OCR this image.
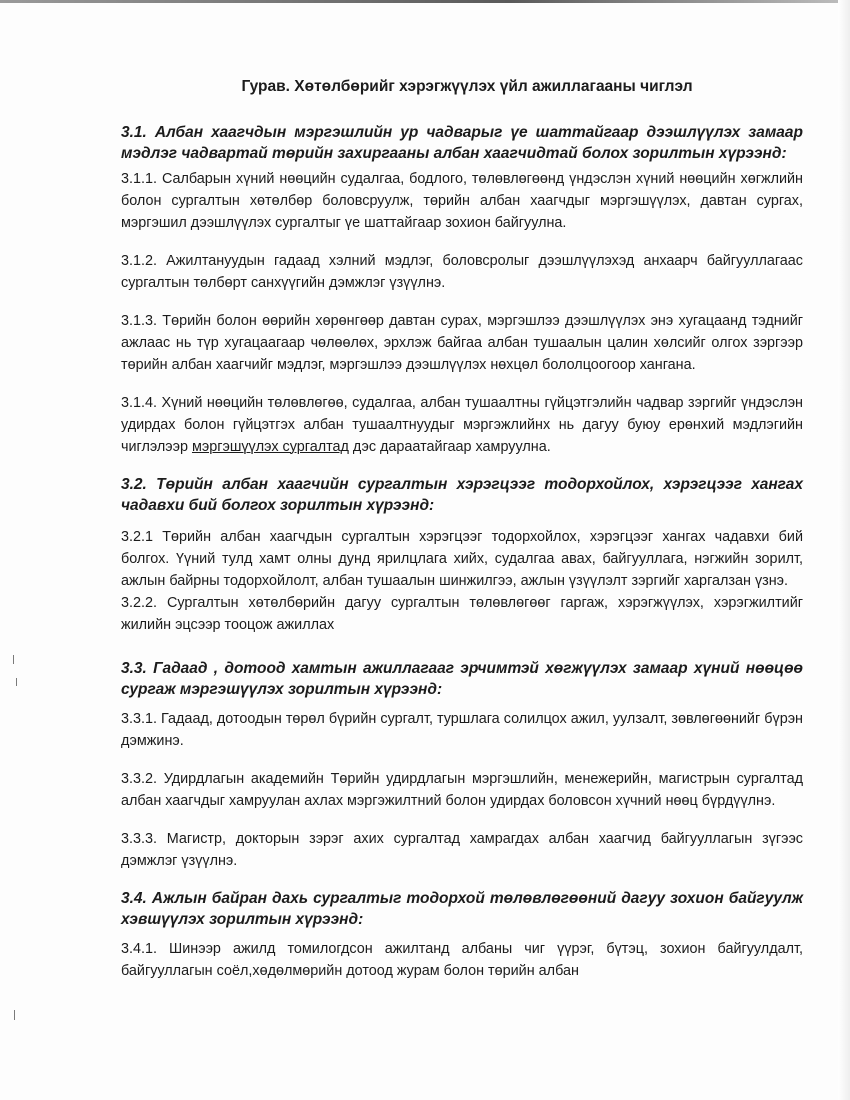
Гурав. Хөтөлбөрийг хэрэгжүүлэх үйл ажиллагааны чиглэл
3.1. Албан хаагчдын мэргэшлийн ур чадварыг үе шаттайгаар дээшлүүлэх замаар мэдлэг чадвартай төрийн захиргааны албан хаагчидтай болох зорилтын хүрээнд:

3.1.1. Салбарын хүний нөөцийн судалгаа, бодлого, төлөвлөгөөнд үндэслэн хүний нөөцийн хөгжлийн болон сургалтын хөтөлбөр боловсруулж, төрийн албан хаагчдыг мэргэшүүлэх, давтан сургах, мэргэшил дээшлүүлэх сургалтыг үе шаттайгаар зохион байгуулна.

3.1.2. Ажилтануудын гадаад хэлний мэдлэг, боловсролыг дээшлүүлэхэд анхаарч байгууллагаас сургалтын төлбөрт санхүүгийн дэмжлэг үзүүлнэ.

3.1.3. Төрийн болон өөрийн хөрөнгөөр давтан сурах, мэргэшлээ дээшлүүлэх энэ хугацаанд тэднийг ажлаас нь түр хугацаагаар чөлөөлөх, эрхлэж байгаа албан тушаалын цалин хөлсийг олгох зэргээр төрийн албан хаагчийг мэдлэг, мэргэшлээ дээшлүүлэх нөхцөл бололцоогоор хангана.

3.1.4. Хүний нөөцийн төлөвлөгөө, судалгаа, албан тушаалтны гүйцэтгэлийн чадвар зэргийг үндэслэн удирдах болон гүйцэтгэх албан тушаалтнуудыг мэргэжлийнх нь дагуу буюу ерөнхий мэдлэгийн чиглэлээр мэргэшүүлэх сургалтад дэс дараатайгаар хамруулна.

3.2. Төрийн албан хаагчийн сургалтын хэрэгцээг тодорхойлох, хэрэгцээг хангах чадавхи бий болгох зорилтын хүрээнд:

3.2.1 Төрийн албан хаагчдын сургалтын хэрэгцээг тодорхойлох, хэрэгцээг хангах чадавхи бий болгох. Үүний тулд хамт олны дунд ярилцлага хийх, судалгаа авах, байгууллага, нэгжийн зорилт, ажлын байрны тодорхойлолт, албан тушаалын шинжилгээ, ажлын үзүүлэлт зэргийг харгалзан үзнэ.

3.2.2. Сургалтын хөтөлбөрийн дагуу сургалтын төлөвлөгөөг гаргаж, хэрэгжүүлэх, хэрэгжилтийг жилийн эцсээр тооцож ажиллах

3.3. Гадаад , дотоод хамтын ажиллагааг эрчимтэй хөгжүүлэх замаар хүний нөөцөө сургаж мэргэшүүлэх зорилтын хүрээнд:

3.3.1. Гадаад, дотоодын төрөл бүрийн сургалт, туршлага солилцох ажил, уулзалт, зөвлөгөөнийг бүрэн дэмжинэ.

3.3.2. Удирдлагын академийн Төрийн удирдлагын мэргэшлийн, менежерийн, магистрын сургалтад албан хаагчдыг хамруулан ахлах мэргэжилтний болон удирдах боловсон хүчний нөөц бүрдүүлнэ.

3.3.3. Магистр, докторын зэрэг ахих сургалтад хамрагдах албан хаагчид байгууллагын зүгээс дэмжлэг үзүүлнэ.

3.4. Ажлын байран дахь сургалтыг тодорхой төлөвлөгөөний дагуу зохион байгуулж хэвшүүлэх зорилтын хүрээнд:

3.4.1. Шинээр ажилд томилогдсон ажилтанд албаны чиг үүрэг, бүтэц, зохион байгуулдалт, байгууллагын соёл,хөдөлмөрийн дотоод журам болон төрийн албан
